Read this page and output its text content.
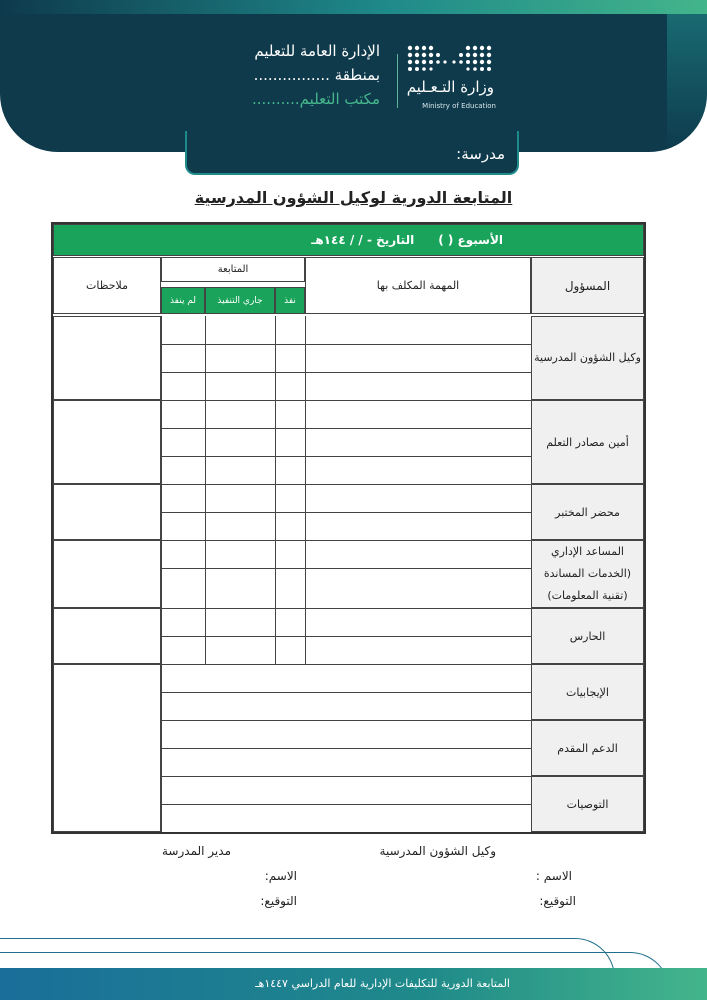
وزارة التـعـليم
Ministry of Education
الإدارة العامة للتعليم
بمنطقة ................
مكتب التعليم..........
مدرسة:
المتابعة الدورية لوكيل الشؤون المدرسية
الأسبوع ( )
التاريخ - / / ١٤٤هـ
المسؤول
المهمة المكلف بها
المتابعة
نفذ
جاري التنفيذ
لم ينفذ
ملاحظات
وكيل الشؤون المدرسية
أمين مصادر التعلم
محضر المختبر
المساعد الإداري (الخدمات المساندة (تقنية المعلومات)
الحارس
الإيجابيات
الدعم المقدم
التوصيات
وكيل الشؤون المدرسية
مدير المدرسة
الاسم :
التوقيع:
الاسم:
التوقيع:
المتابعة الدورية للتكليفات الإدارية للعام الدراسي ١٤٤٧هـ
